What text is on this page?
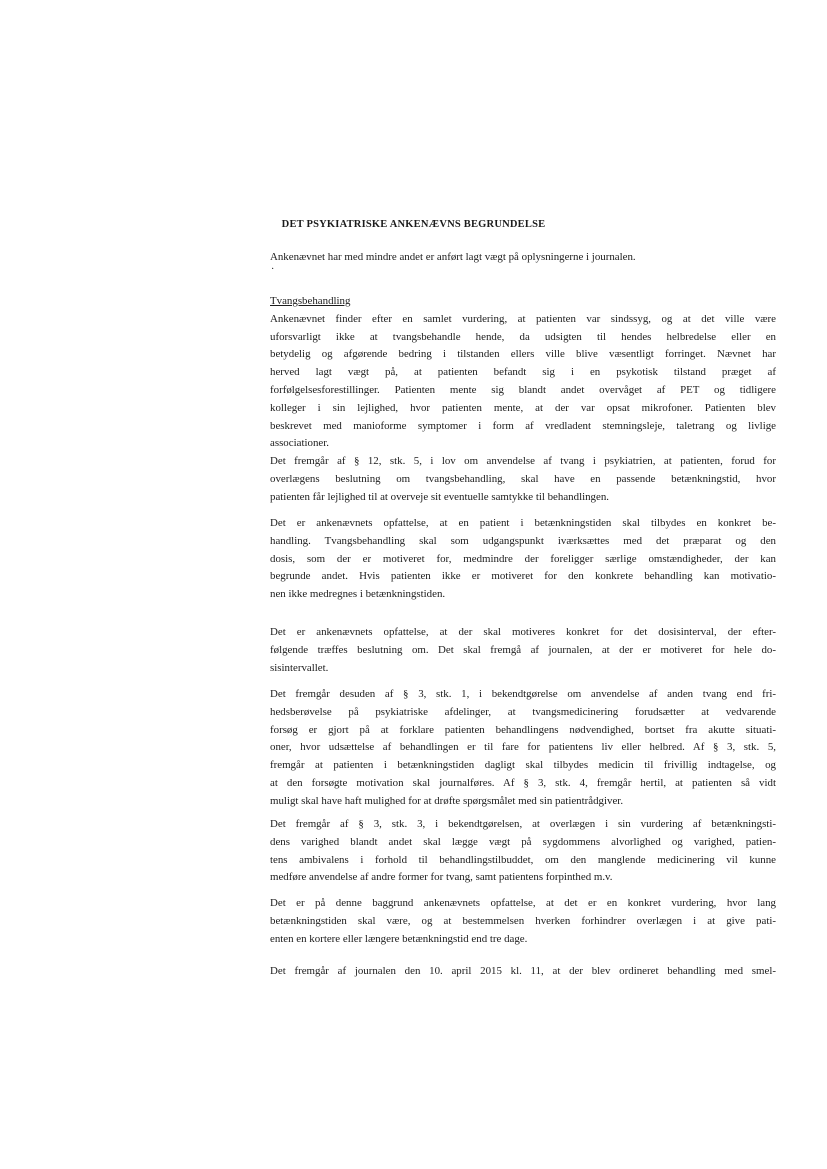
DET PSYKIATRISKE ANKENÆVNS BEGRUNDELSE
Ankenævnet har med mindre andet er anført lagt vægt på oplysningerne i journalen.
·
Tvangsbehandling
Ankenævnet finder efter en samlet vurdering, at patienten var sindssyg, og at det ville være
uforsvarligt ikke at tvangsbehandle hende, da udsigten til hendes helbredelse eller en
betydelig og afgørende bedring i tilstanden ellers ville blive væsentligt forringet. Nævnet har
herved lagt vægt på, at patienten befandt sig i en psykotisk tilstand præget af
forfølgelsesforestillinger. Patienten mente sig blandt andet overvåget af PET og tidligere
kolleger i sin lejlighed, hvor patienten mente, at der var opsat mikrofoner. Patienten blev
beskrevet med manioforme symptomer i form af vredladent stemningsleje, taletrang og livlige
associationer.
Det fremgår af § 12, stk. 5, i lov om anvendelse af tvang i psykiatrien, at patienten, forud for
overlægens beslutning om tvangsbehandling, skal have en passende betænkningstid, hvor
patienten får lejlighed til at overveje sit eventuelle samtykke til behandlingen.
Det er ankenævnets opfattelse, at en patient i betænkningstiden skal tilbydes en konkret be-
handling. Tvangsbehandling skal som udgangspunkt iværksættes med det præparat og den
dosis, som der er motiveret for, medmindre der foreligger særlige omstændigheder, der kan
begrunde andet. Hvis patienten ikke er motiveret for den konkrete behandling kan motivatio-
nen ikke medregnes i betænkningstiden.
Det er ankenævnets opfattelse, at der skal motiveres konkret for det dosisinterval, der efter-
følgende træffes beslutning om. Det skal fremgå af journalen, at der er motiveret for hele do-
sisintervallet.
Det fremgår desuden af § 3, stk. 1, i bekendtgørelse om anvendelse af anden tvang end fri-
hedsberøvelse på psykiatriske afdelinger, at tvangsmedicinering forudsætter at vedvarende
forsøg er gjort på at forklare patienten behandlingens nødvendighed, bortset fra akutte situati-
oner, hvor udsættelse af behandlingen er til fare for patientens liv eller helbred. Af § 3, stk. 5,
fremgår at patienten i betænkningstiden dagligt skal tilbydes medicin til frivillig indtagelse, og
at den forsøgte motivation skal journalføres. Af § 3, stk. 4, fremgår hertil, at patienten så vidt
muligt skal have haft mulighed for at drøfte spørgsmålet med sin patientrådgiver.
Det fremgår af § 3, stk. 3, i bekendtgørelsen, at overlægen i sin vurdering af betænkningsti-
dens varighed blandt andet skal lægge vægt på sygdommens alvorlighed og varighed, patien-
tens ambivalens i forhold til behandlingstilbuddet, om den manglende medicinering vil kunne
medføre anvendelse af andre former for tvang, samt patientens forpinthed m.v.
Det er på denne baggrund ankenævnets opfattelse, at det er en konkret vurdering, hvor lang
betænkningstiden skal være, og at bestemmelsen hverken forhindrer overlægen i at give pati-
enten en kortere eller længere betænkningstid end tre dage.
Det fremgår af journalen den 10. april 2015 kl. 11, at der blev ordineret behandling med smel-
